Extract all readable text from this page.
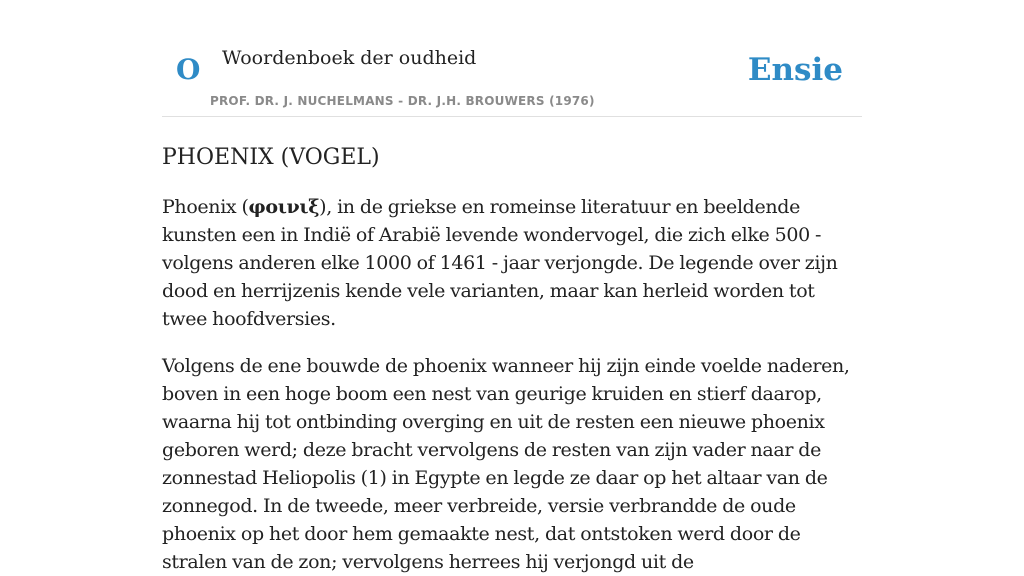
O Woordenboek der oudheid
PROF. DR. J. NUCHELMANS - DR. J.H. BROUWERS (1976)
Ensie
PHOENIX (VOGEL)

Phoenix (φοινιξ), in de griekse en romeinse literatuur en beeldende kunsten een in Indië of Arabië levende wondervogel, die zich elke 500 - volgens anderen elke 1000 of 1461 - jaar verjongde. De legende over zijn dood en herrijzenis kende vele varianten, maar kan herleid worden tot twee hoofdversies.

Volgens de ene bouwde de phoenix wanneer hij zijn einde voelde naderen, boven in een hoge boom een nest van geurige kruiden en stierf daarop, waarna hij tot ontbinding overging en uit de resten een nieuwe phoenix geboren werd; deze bracht vervolgens de resten van zijn vader naar de zonnestad Heliopolis (1) in Egypte en legde ze daar op het altaar van de zonnegod. In de tweede, meer verbreide, versie verbrandde de oude phoenix op het door hem gemaakte nest, dat ontstoken werd door de stralen van de zon; vervolgens herrees hij verjongd uit de
